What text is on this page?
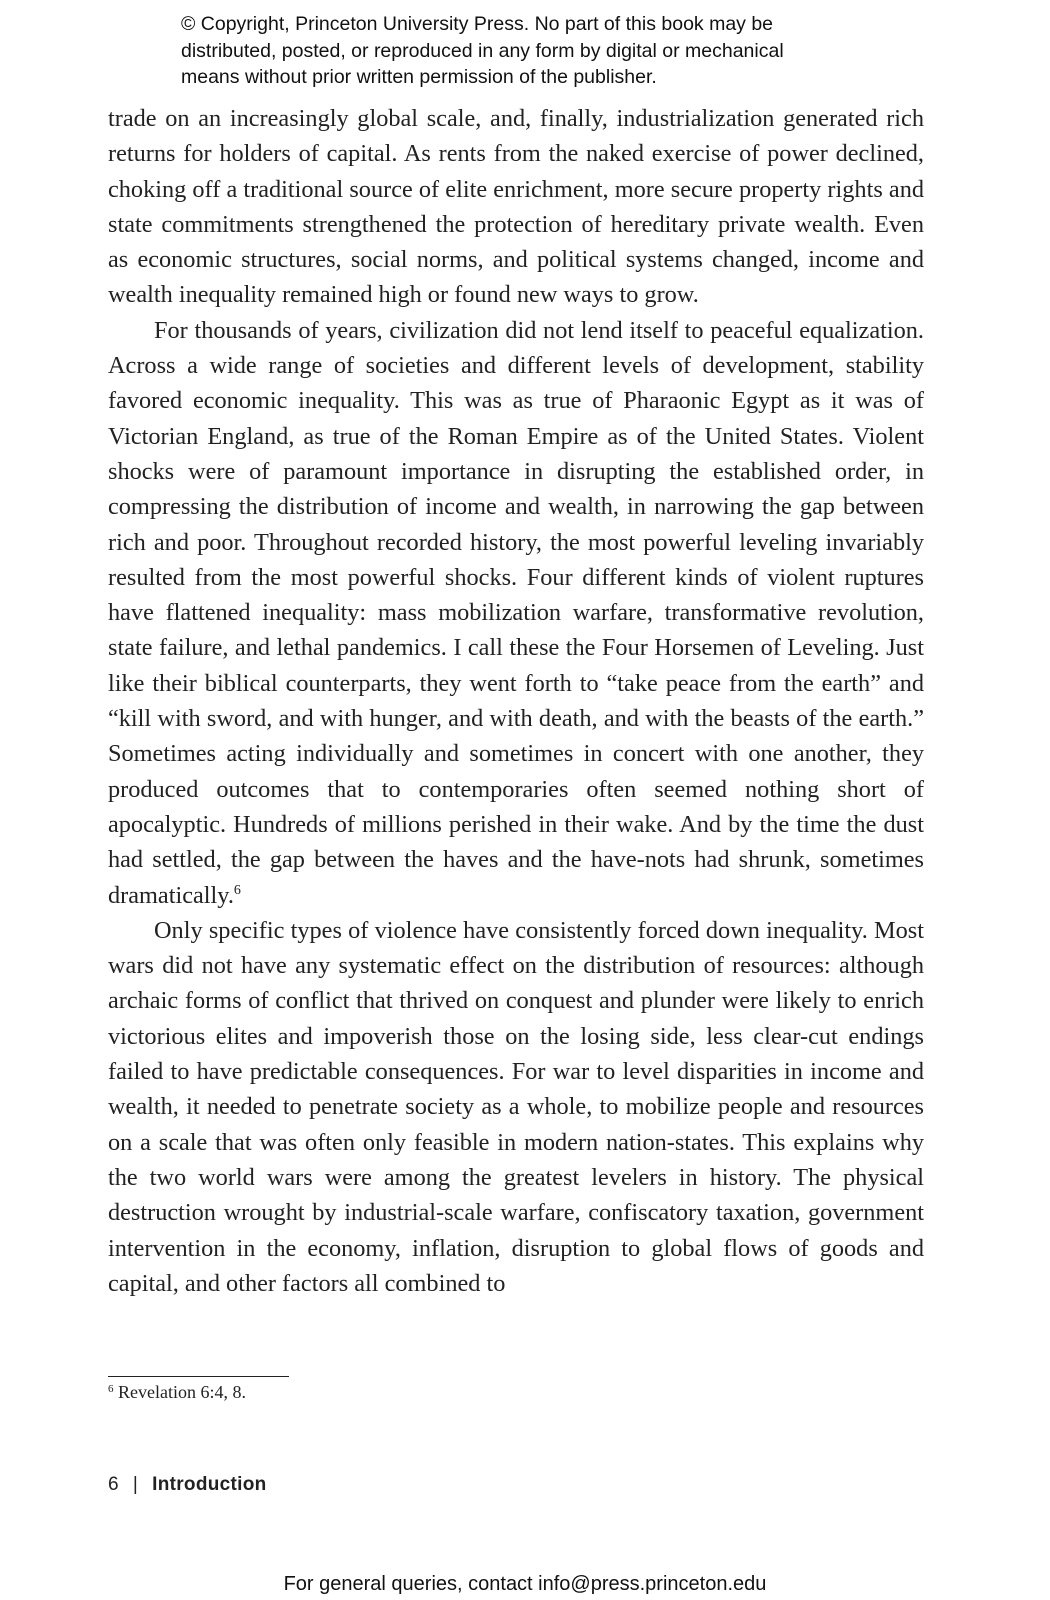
© Copyright, Princeton University Press. No part of this book may be
distributed, posted, or reproduced in any form by digital or mechanical
means without prior written permission of the publisher.

trade on an increasingly global scale, and, finally, industrialization generated rich returns for holders of capital. As rents from the naked exercise of power declined, choking off a traditional source of elite enrichment, more secure property rights and state commitments strengthened the protection of hereditary private wealth. Even as economic structures, social norms, and political systems changed, income and wealth inequality remained high or found new ways to grow.

For thousands of years, civilization did not lend itself to peaceful equalization. Across a wide range of societies and different levels of development, stability favored economic inequality. This was as true of Pharaonic Egypt as it was of Victorian England, as true of the Roman Empire as of the United States. Violent shocks were of paramount importance in disrupting the established order, in compressing the distribution of income and wealth, in narrowing the gap between rich and poor. Throughout recorded history, the most powerful leveling invariably resulted from the most powerful shocks. Four different kinds of violent ruptures have flattened inequality: mass mobilization warfare, transformative revolution, state failure, and lethal pandemics. I call these the Four Horsemen of Leveling. Just like their biblical counterparts, they went forth to “take peace from the earth” and “kill with sword, and with hunger, and with death, and with the beasts of the earth.” Sometimes acting individually and sometimes in concert with one another, they produced outcomes that to contemporaries often seemed nothing short of apocalyptic. Hundreds of millions perished in their wake. And by the time the dust had settled, the gap between the haves and the have-nots had shrunk, sometimes dramatically.$^6$

Only specific types of violence have consistently forced down inequality. Most wars did not have any systematic effect on the distribution of resources: although archaic forms of conflict that thrived on conquest and plunder were likely to enrich victorious elites and impoverish those on the losing side, less clear-cut endings failed to have predictable consequences. For war to level disparities in income and wealth, it needed to penetrate society as a whole, to mobilize people and resources on a scale that was often only feasible in modern nation-states. This explains why the two world wars were among the greatest levelers in history. The physical destruction wrought by industrial-scale warfare, confiscatory taxation, government intervention in the economy, inflation, disruption to global flows of goods and capital, and other factors all combined to

$^6$ Revelation 6:4, 8.
6 | Introduction
For general queries, contact info@press.princeton.edu
